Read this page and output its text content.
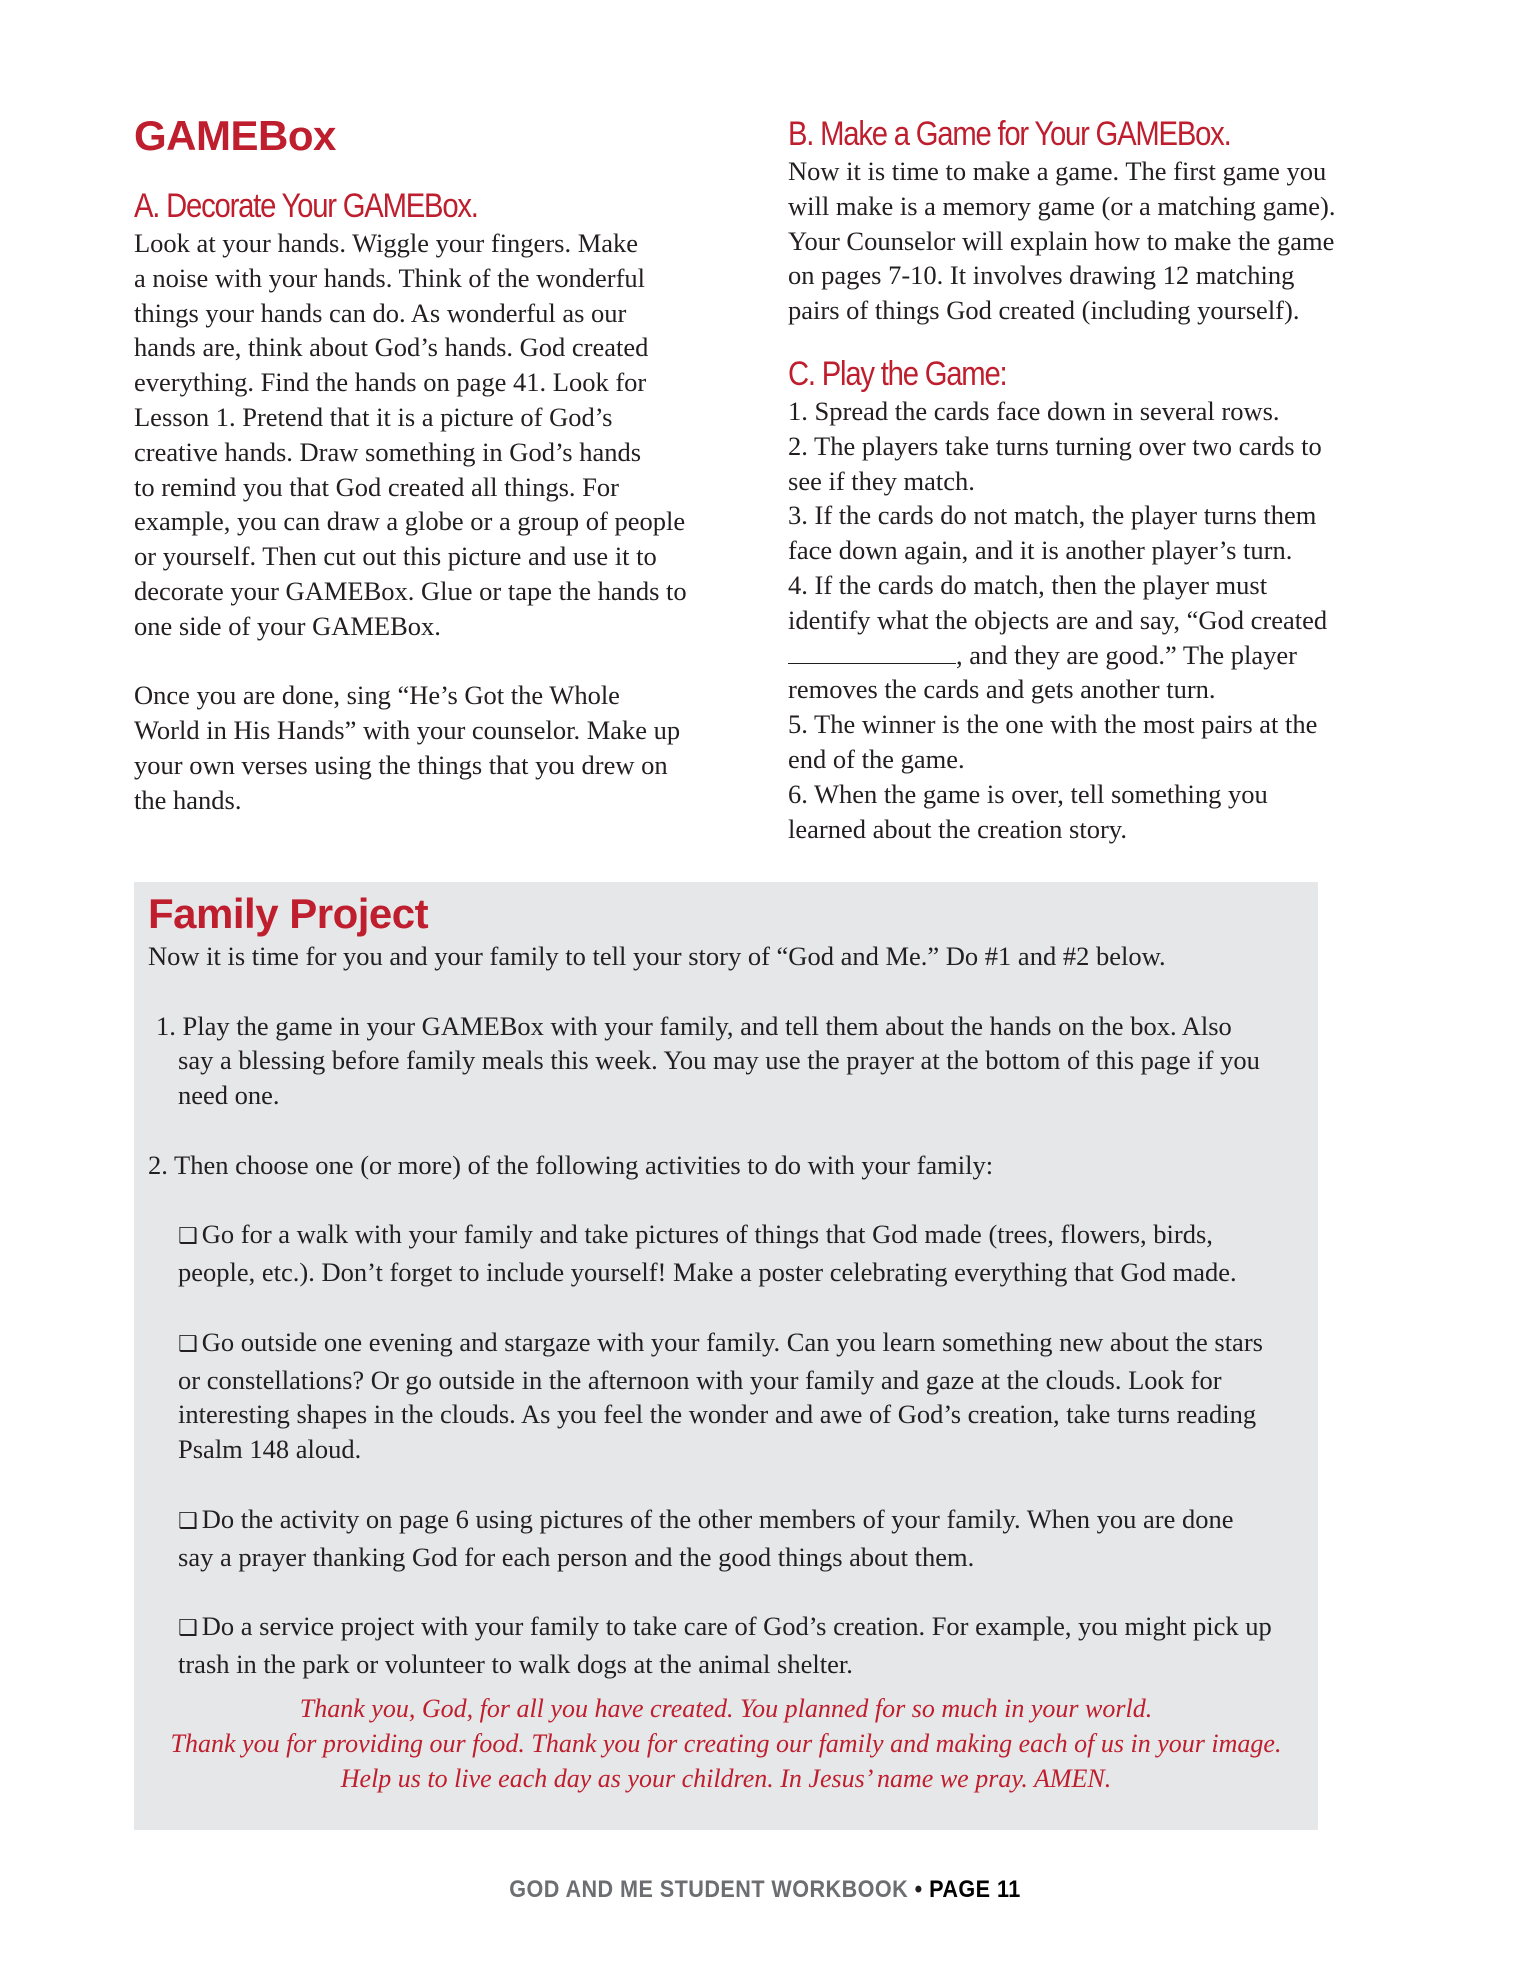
GAMEBox
A. Decorate Your GAMEBox.

Look at your hands. Wiggle your fingers. Make
a noise with your hands. Think of the wonderful
things your hands can do. As wonderful as our
hands are, think about God’s hands. God created
everything. Find the hands on page 41. Look for
Lesson 1. Pretend that it is a picture of God’s
creative hands. Draw something in God’s hands
to remind you that God created all things. For
example, you can draw a globe or a group of people
or yourself. Then cut out this picture and use it to
decorate your GAMEBox. Glue or tape the hands to
one side of your GAMEBox.

Once you are done, sing “He’s Got the Whole
World in His Hands” with your counselor. Make up
your own verses using the things that you drew on
the hands.

B. Make a Game for Your GAMEBox.

Now it is time to make a game. The first game you
will make is a memory game (or a matching game).
Your Counselor will explain how to make the game
on pages 7-10. It involves drawing 12 matching
pairs of things God created (including yourself).

C. Play the Game:

1. Spread the cards face down in several rows.
2. The players take turns turning over two cards to
see if they match.
3. If the cards do not match, the player turns them
face down again, and it is another player’s turn.
4. If the cards do match, then the player must
identify what the objects are and say, “God created
, and they are good.” The player
removes the cards and gets another turn.
5. The winner is the one with the most pairs at the
end of the game.
6. When the game is over, tell something you
learned about the creation story.

Family Project

Now it is time for you and your family to tell your story of “God and Me.” Do #1 and #2 below.

1. Play the game in your GAMEBox with your family, and tell them about the hands on the box. Also
say a blessing before family meals this week. You may use the prayer at the bottom of this page if you
need one.

2. Then choose one (or more) of the following activities to do with your family:

❑ Go for a walk with your family and take pictures of things that God made (trees, flowers, birds,
people, etc.). Don’t forget to include yourself! Make a poster celebrating everything that God made.
❑ Go outside one evening and stargaze with your family. Can you learn something new about the stars
or constellations? Or go outside in the afternoon with your family and gaze at the clouds. Look for
interesting shapes in the clouds. As you feel the wonder and awe of God’s creation, take turns reading
Psalm 148 aloud.
❑ Do the activity on page 6 using pictures of the other members of your family. When you are done
say a prayer thanking God for each person and the good things about them.
❑ Do a service project with your family to take care of God’s creation. For example, you might pick up
trash in the park or volunteer to walk dogs at the animal shelter.
Thank you, God, for all you have created. You planned for so much in your world.
Thank you for providing our food. Thank you for creating our family and making each of us in your image.
Help us to live each day as your children. In Jesus’ name we pray. AMEN.
GOD AND ME STUDENT WORKBOOK • PAGE 11
